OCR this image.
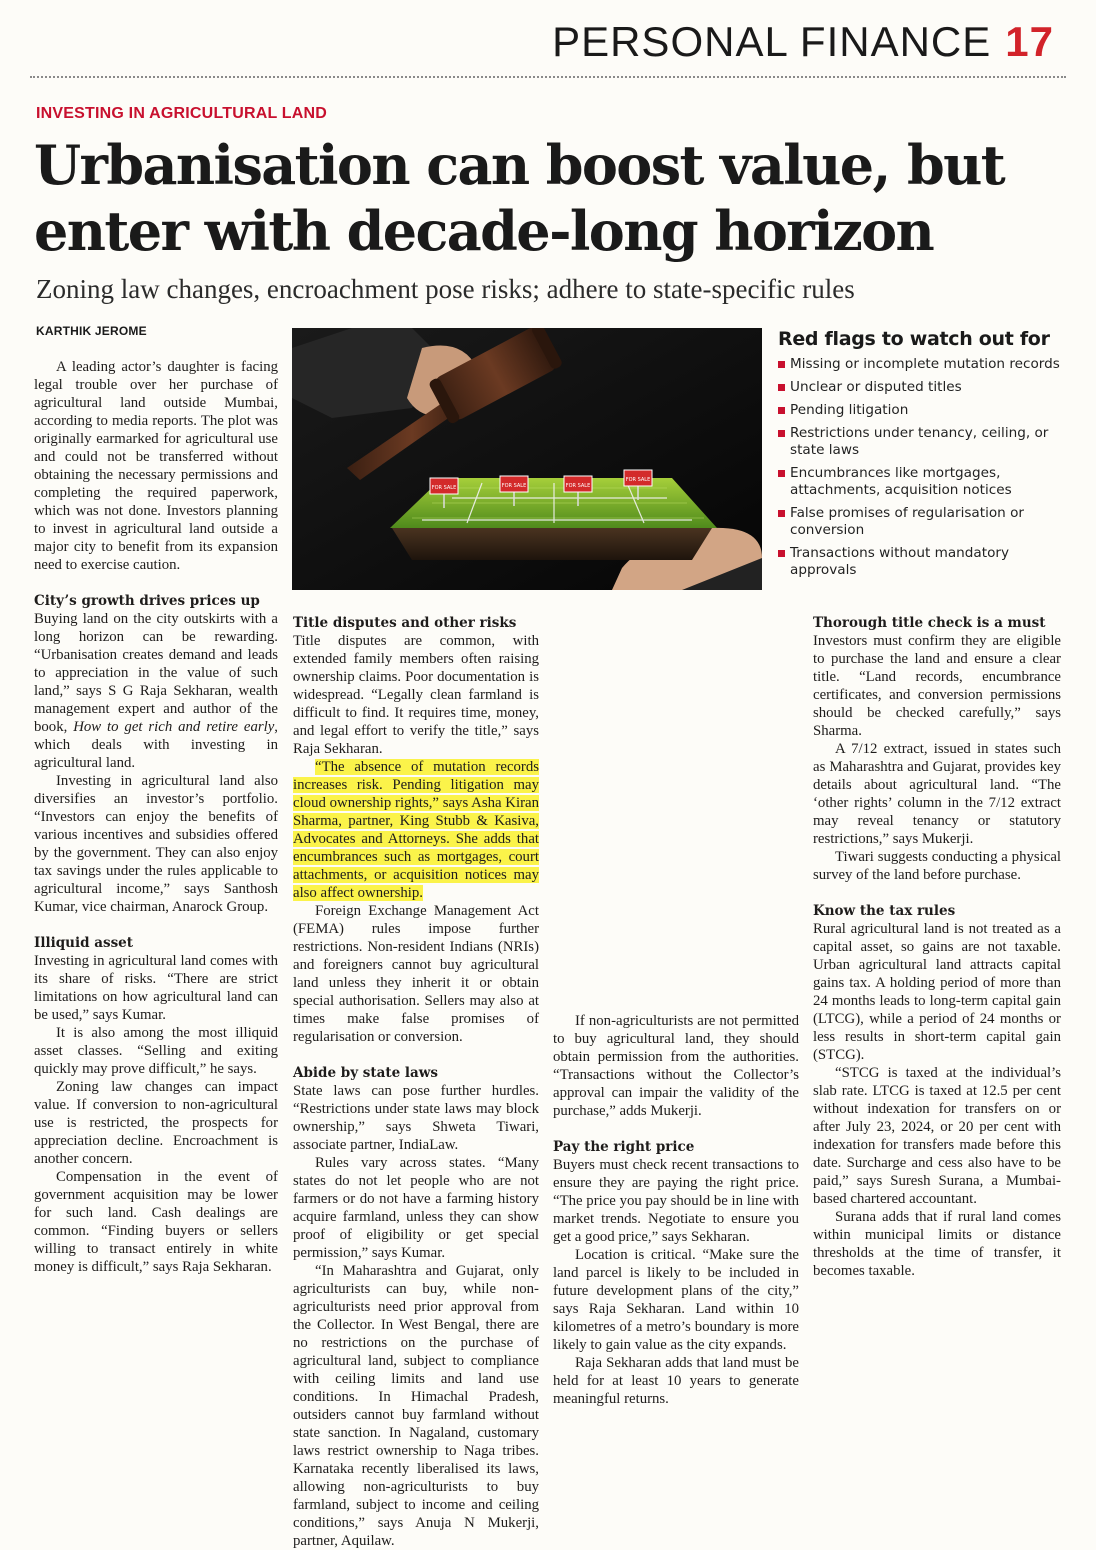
PERSONAL FINANCE 17
INVESTING IN AGRICULTURAL LAND
Urbanisation can boost value, but enter with decade-long horizon
Zoning law changes, encroachment pose risks; adhere to state-specific rules
KARTHIK JEROME
FOR SALE	FOR SALE	FOR SALE
FOR SALE
Red flags to watch out for
Missing or incomplete mutation records
Unclear or disputed titles
Pending litigation
Restrictions under tenancy, ceiling, or state laws
Encumbrances like mortgages, attachments, acquisition notices
False promises of regularisation or conversion
Transactions without mandatory approvals

A leading actor’s daughter is facing legal trouble over her purchase of agricultural land outside Mumbai, according to media reports. The plot was originally earmarked for agricultural use and could not be transferred without obtaining the necessary permissions and completing the required paperwork, which was not done. Investors planning to invest in agricultural land outside a major city to benefit from its expansion need to exercise caution.

City’s growth drives prices up

Buying land on the city outskirts with a long horizon can be rewarding. “Urbanisation creates demand and leads to appreciation in the value of such land,” says S G Raja Sekharan, wealth management expert and author of the book, How to get rich and retire early, which deals with investing in agricultural land.

Investing in agricultural land also diversifies an investor’s portfolio. “Investors can enjoy the benefits of various incentives and subsidies offered by the government. They can also enjoy tax savings under the rules applicable to agricultural income,” says Santhosh Kumar, vice chairman, Anarock Group.

Illiquid asset

Investing in agricultural land comes with its share of risks. “There are strict limitations on how agricultural land can be used,” says Kumar.

It is also among the most illiquid asset classes. “Selling and exiting quickly may prove difficult,” he says.

Zoning law changes can impact value. If conversion to non-agricultural use is restricted, the prospects for appreciation decline. Encroachment is another concern.

Compensation in the event of government acquisition may be lower for such land. Cash dealings are common. “Finding buyers or sellers willing to transact entirely in white money is difficult,” says Raja Sekharan.

Title disputes and other risks

Title disputes are common, with extended family members often raising ownership claims. Poor documentation is widespread. “Legally clean farmland is difficult to find. It requires time, money, and legal effort to verify the title,” says Raja Sekharan.

“The absence of mutation records increases risk. Pending litigation may cloud ownership rights,” says Asha Kiran Sharma, partner, King Stubb & Kasiva, Advocates and Attorneys. She adds that encumbrances such as mortgages, court attachments, or acquisition notices may also affect ownership.

Foreign Exchange Management Act (FEMA) rules impose further restrictions. Non-resident Indians (NRIs) and foreigners cannot buy agricultural land unless they inherit it or obtain special authorisation. Sellers may also at times make false promises of regularisation or conversion.

Abide by state laws

State laws can pose further hurdles. “Restrictions under state laws may block ownership,” says Shweta Tiwari, associate partner, IndiaLaw.

Rules vary across states. “Many states do not let people who are not farmers or do not have a farming history acquire farmland, unless they can show proof of eligibility or get special permission,” says Kumar.

“In Maharashtra and Gujarat, only agriculturists can buy, while non-agriculturists need prior approval from the Collector. In West Bengal, there are no restrictions on the purchase of agricultural land, subject to compliance with ceiling limits and land use conditions. In Himachal Pradesh, outsiders cannot buy farmland without state sanction. In Nagaland, customary laws restrict ownership to Naga tribes. Karnataka recently liberalised its laws, allowing non-agriculturists to buy farmland, subject to income and ceiling conditions,” says Anuja N Mukerji, partner, Aquilaw.

If non-agriculturists are not permitted to buy agricultural land, they should obtain permission from the authorities. “Transactions without the Collector’s approval can impair the validity of the purchase,” adds Mukerji.

Pay the right price

Buyers must check recent transactions to ensure they are paying the right price. “The price you pay should be in line with market trends. Negotiate to ensure you get a good price,” says Sekharan.

Location is critical. “Make sure the land parcel is likely to be included in future development plans of the city,” says Raja Sekharan. Land within 10 kilometres of a metro’s boundary is more likely to gain value as the city expands.

Raja Sekharan adds that land must be held for at least 10 years to generate meaningful returns.

Thorough title check is a must

Investors must confirm they are eligible to purchase the land and ensure a clear title. “Land records, encumbrance certificates, and conversion permissions should be checked carefully,” says Sharma.

A 7/12 extract, issued in states such as Maharashtra and Gujarat, provides key details about agricultural land. “The ‘other rights’ column in the 7/12 extract may reveal tenancy or statutory restrictions,” says Mukerji.

Tiwari suggests conducting a physical survey of the land before purchase.

Know the tax rules

Rural agricultural land is not treated as a capital asset, so gains are not taxable. Urban agricultural land attracts capital gains tax. A holding period of more than 24 months leads to long-term capital gain (LTCG), while a period of 24 months or less results in short-term capital gain (STCG).

“STCG is taxed at the individual’s slab rate. LTCG is taxed at 12.5 per cent without indexation for transfers on or after July 23, 2024, or 20 per cent with indexation for transfers made before this date. Surcharge and cess also have to be paid,” says Suresh Surana, a Mumbai-based chartered accountant.

Surana adds that if rural land comes within municipal limits or distance thresholds at the time of transfer, it becomes taxable.
